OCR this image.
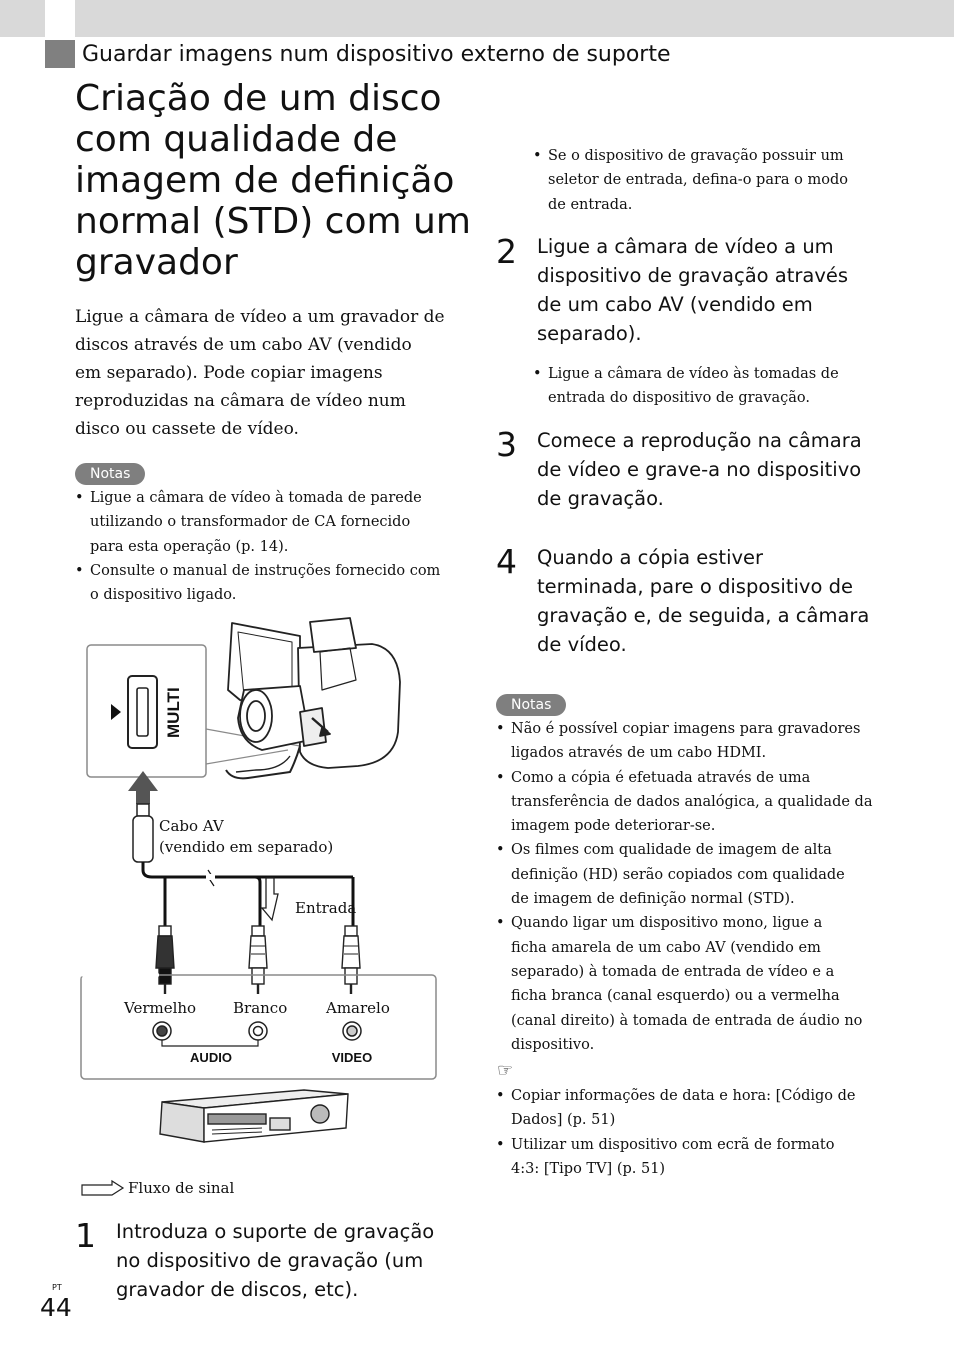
Guardar imagens num dispositivo externo de suporte
Criação de um disco
com qualidade de
imagem de definição
normal (STD) com um
gravador
Ligue a câmara de vídeo a um gravador de
discos através de um cabo AV (vendido
em separado). Pode copiar imagens
reproduzidas na câmara de vídeo num
disco ou cassete de vídeo.
Notas
• Ligue a câmara de vídeo à tomada de parede
utilizando o transformador de CA fornecido
para esta operação (p. 14).
• Consulte o manual de instruções fornecido com
o dispositivo ligado.
MULTI
AUDIO	VIDEO
Cabo AV
(vendido em separado)
Entrada
Vermelho Branco	Amarelo
Fluxo de sinal
1 Introduza o suporte de gravação
no dispositivo de gravação (um
gravador de discos, etc).
• Se o dispositivo de gravação possuir um
seletor de entrada, defina-o para o modo
de entrada.
2 Ligue a câmara de vídeo a um
dispositivo de gravação através
de um cabo AV (vendido em
separado).
• Ligue a câmara de vídeo às tomadas de
entrada do dispositivo de gravação.
3 Comece a reprodução na câmara
de vídeo e grave-a no dispositivo
de gravação.
4 Quando a cópia estiver
terminada, pare o dispositivo de
gravação e, de seguida, a câmara
de vídeo.
Notas
• Não é possível copiar imagens para gravadores
ligados através de um cabo HDMI.
• Como a cópia é efetuada através de uma
transferência de dados analógica, a qualidade da
imagem pode deteriorar-se.
• Os filmes com qualidade de imagem de alta
definição (HD) serão copiados com qualidade
de imagem de definição normal (STD).
• Quando ligar um dispositivo mono, ligue a
ficha amarela de um cabo AV (vendido em
separado) à tomada de entrada de vídeo e a
ficha branca (canal esquerdo) ou a vermelha
(canal direito) à tomada de entrada de áudio no
dispositivo.
☞
• Copiar informações de data e hora: [Código de
Dados] (p. 51)
• Utilizar um dispositivo com ecrã de formato
4:3: [Tipo TV] (p. 51)
PT
44
